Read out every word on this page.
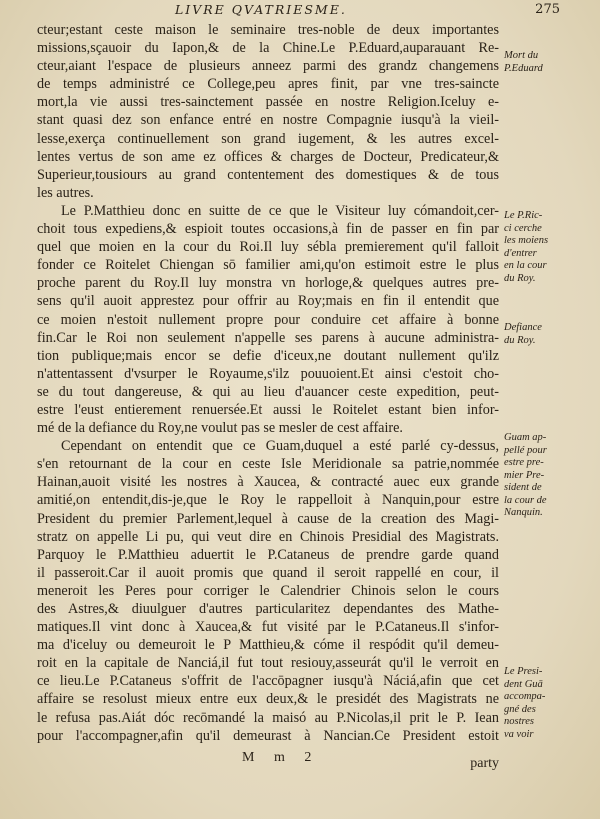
LIVRE QVATRIESME.	275
cteur;estant ceste maison le seminaire tres-noble de deux importantes
missions,sçauoir du Iapon,& de la Chine.Le P.Eduard,auparauant Re-
cteur,aiant l'espace de plusieurs anneez parmi des grandz changemens
de temps administré ce College,peu apres finit, par vne tres-saincte
mort,la vie aussi tres-sainctement passée en nostre Religion.Iceluy e-
stant quasi dez son enfance entré en nostre Compagnie iusqu'à la vieil-
lesse,exerça continuellement son grand iugement, & les autres excel-
lentes vertus de son ame ez offices & charges de Docteur, Predicateur,&
Superieur,tousiours au grand contentement des domestiques & de tous
les autres.
Le P.Matthieu donc en suitte de ce que le Visiteur luy cómandoit,cer-
choit tous expediens,& espioit toutes occasions,à fin de passer en fin par
quel que moien en la cour du Roi.Il luy sébla premierement qu'il falloit
fonder ce Roitelet Chiengan sō familier ami,qu'on estimoit estre le plus
proche parent du Roy.Il luy monstra vn horloge,& quelques autres pre-
sens qu'il auoit apprestez pour offrir au Roy;mais en fin il entendit que
ce moien n'estoit nullement propre pour conduire cet affaire à bonne
fin.Car le Roi non seulement n'appelle ses parens à aucune administra-
tion publique;mais encor se defie d'iceux,ne doutant nullement qu'ilz
n'attentassent d'vsurper le Royaume,s'ilz pouuoient.Et ainsi c'estoit cho-
se du tout dangereuse, & qui au lieu d'auancer ceste expedition, peut-
estre l'eust entierement renuersée.Et aussi le Roitelet estant bien infor-
mé de la defiance du Roy,ne voulut pas se mesler de cest affaire.
Cependant on entendit que ce Guam,duquel a esté parlé cy-dessus,
s'en retournant de la cour en ceste Isle Meridionale sa patrie,nommée
Hainan,auoit visité les nostres à Xaucea, & contracté auec eux grande
amitié,on entendit,dis-je,que le Roy le rappelloit à Nanquin,pour estre
President du premier Parlement,lequel à cause de la creation des Magi-
stratz on appelle Li pu, qui veut dire en Chinois Presidial des Magistrats.
Parquoy le P.Matthieu aduertit le P.Cataneus de prendre garde quand
il passeroit.Car il auoit promis que quand il seroit rappellé en cour, il
meneroit les Peres pour corriger le Calendrier Chinois selon le cours
des Astres,& diuulguer d'autres particularitez dependantes des Mathe-
matiques.Il vint donc à Xaucea,& fut visité par le P.Cataneus.Il s'infor-
ma d'iceluy ou demeuroit le P Matthieu,& cóme il respódit qu'il demeu-
roit en la capitale de Nanciá,il fut tout resiouy,asseurát qu'il le verroit en
ce lieu.Le P.Cataneus s'offrit de l'accōpagner iusqu'à Náciá,afin que cet
affaire se resolust mieux entre eux deux,& le presidét des Magistrats ne
le refusa pas.Aiát dóc recōmandé la maisó au P.Nicolas,il prit le P. Iean
pour l'accompagner,afin qu'il demeurast à Nancian.Ce President estoit
Mort du
P.Eduard
Le P.Ric-
ci cerche
les moiens
d'entrer
en la cour
du Roy.
Defiance
du Roy.
Guam ap-
pellé pour
estre pre-
mier Pre-
sident de
la cour de
Nanquin.
Le Presi-
dent Guā
accompa-
gné des
nostres
va voir
M m 2	party
